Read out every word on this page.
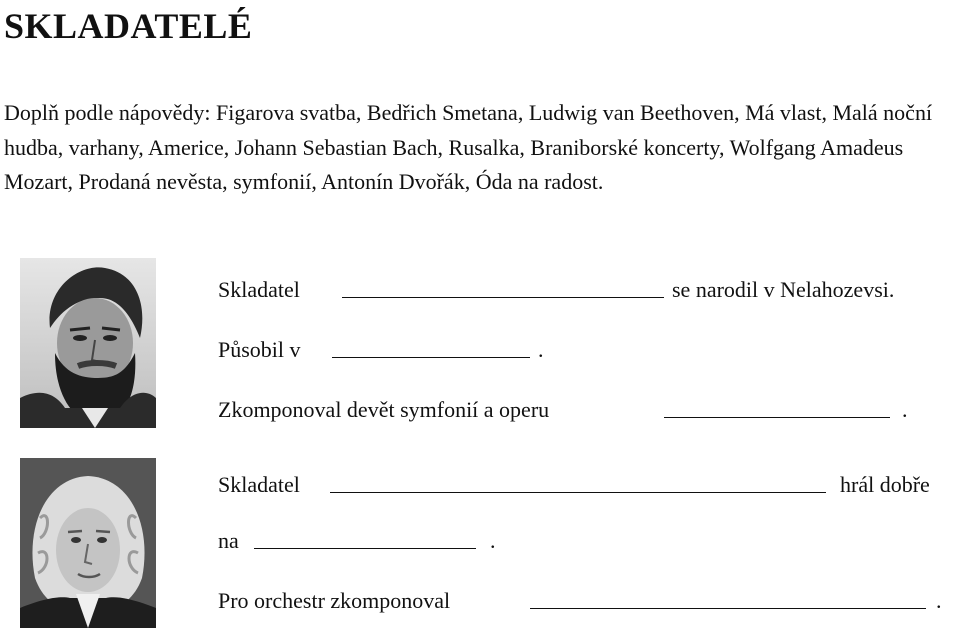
SKLADATELÉ
Doplň podle nápovědy: Figarova svatba, Bedřich Smetana, Ludwig van Beethoven, Má vlast, Malá noční hudba, varhany, Americe, Johann Sebastian Bach, Rusalka, Braniborské koncerty, Wolfgang Amadeus Mozart, Prodaná nevěsta, symfonií, Antonín Dvořák, Óda na radost.
Skladatel	se narodil v Nelahozevsi.
Působil v	.
Zkomponoval devět symfonií a operu	.
Skladatel	hrál dobře
na	.
Pro orchestr zkomponoval	.
